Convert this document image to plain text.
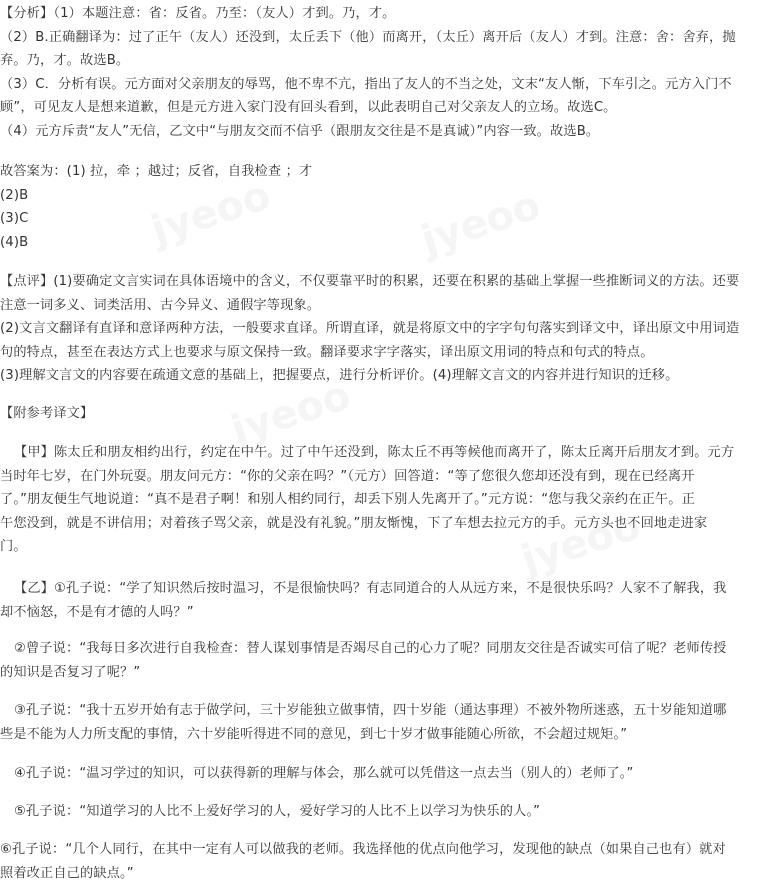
jyeoo	jyeoo
jyeoo
jyeoo
【分析】（1）本题注意：省：反省。乃至：（友人）才到。乃，才。
（2）B.正确翻译为：过了正午（友人）还没到，太丘丢下（他）而离开，（太丘）离开后（友人）才到。注意：舍：舍弃，抛
弃。乃，才。故选B。
（3）C．分析有误。元方面对父亲朋友的辱骂，他不卑不亢，指出了友人的不当之处，文末“友人惭，下车引之。元方入门不
顾”，可见友人是想来道歉，但是元方进入家门没有回头看到，以此表明自己对父亲友人的立场。故选C。
（4）元方斥责“友人”无信，乙文中“与朋友交而不信乎（跟朋友交往是不是真诚）”内容一致。故选B。
故答案为：(1) 拉，牵 ；越过；反省，自我检查 ；才
(2)B
(3)C
(4)B
【点评】(1)要确定文言实词在具体语境中的含义，不仅要靠平时的积累，还要在积累的基础上掌握一些推断词义的方法。还要
注意一词多义、词类活用、古今异义、通假字等现象。
(2)文言文翻译有直译和意译两种方法，一般要求直译。所谓直译，就是将原文中的字字句句落实到译文中，译出原文中用词造
句的特点，甚至在表达方式上也要求与原文保持一致。翻译要求字字落实，译出原文用词的特点和句式的特点。
(3)理解文言文的内容要在疏通文意的基础上，把握要点，进行分析评价。(4)理解文言文的内容并进行知识的迁移。
【附参考译文】
【甲】陈太丘和朋友相约出行，约定在中午。过了中午还没到，陈太丘不再等候他而离开了，陈太丘离开后朋友才到。元方
当时年七岁，在门外玩耍。朋友问元方：“你的父亲在吗？”（元方）回答道：“等了您很久您却还没有到，现在已经离开
了。”朋友便生气地说道：“真不是君子啊！和别人相约同行，却丢下别人先离开了。”元方说：“您与我父亲约在正午。正
午您没到，就是不讲信用；对着孩子骂父亲，就是没有礼貌。”朋友惭愧，下了车想去拉元方的手。元方头也不回地走进家
门。
【乙】①孔子说：“学了知识然后按时温习，不是很愉快吗？有志同道合的人从远方来，不是很快乐吗？人家不了解我，我
却不恼怒，不是有才德的人吗？”
②曾子说：“我每日多次进行自我检查：替人谋划事情是否竭尽自己的心力了呢？同朋友交往是否诚实可信了呢？老师传授
的知识是否复习了呢？”
③孔子说：“我十五岁开始有志于做学问，三十岁能独立做事情，四十岁能（通达事理）不被外物所迷惑，五十岁能知道哪
些是不能为人力所支配的事情，六十岁能听得进不同的意见，到七十岁才做事能随心所欲，不会超过规矩。”
④孔子说：“温习学过的知识，可以获得新的理解与体会，那么就可以凭借这一点去当（别人的）老师了。”
⑤孔子说：“知道学习的人比不上爱好学习的人，爱好学习的人比不上以学习为快乐的人。”
⑥孔子说：“几个人同行，在其中一定有人可以做我的老师。我选择他的优点向他学习，发现他的缺点（如果自己也有）就对
照着改正自己的缺点。”
